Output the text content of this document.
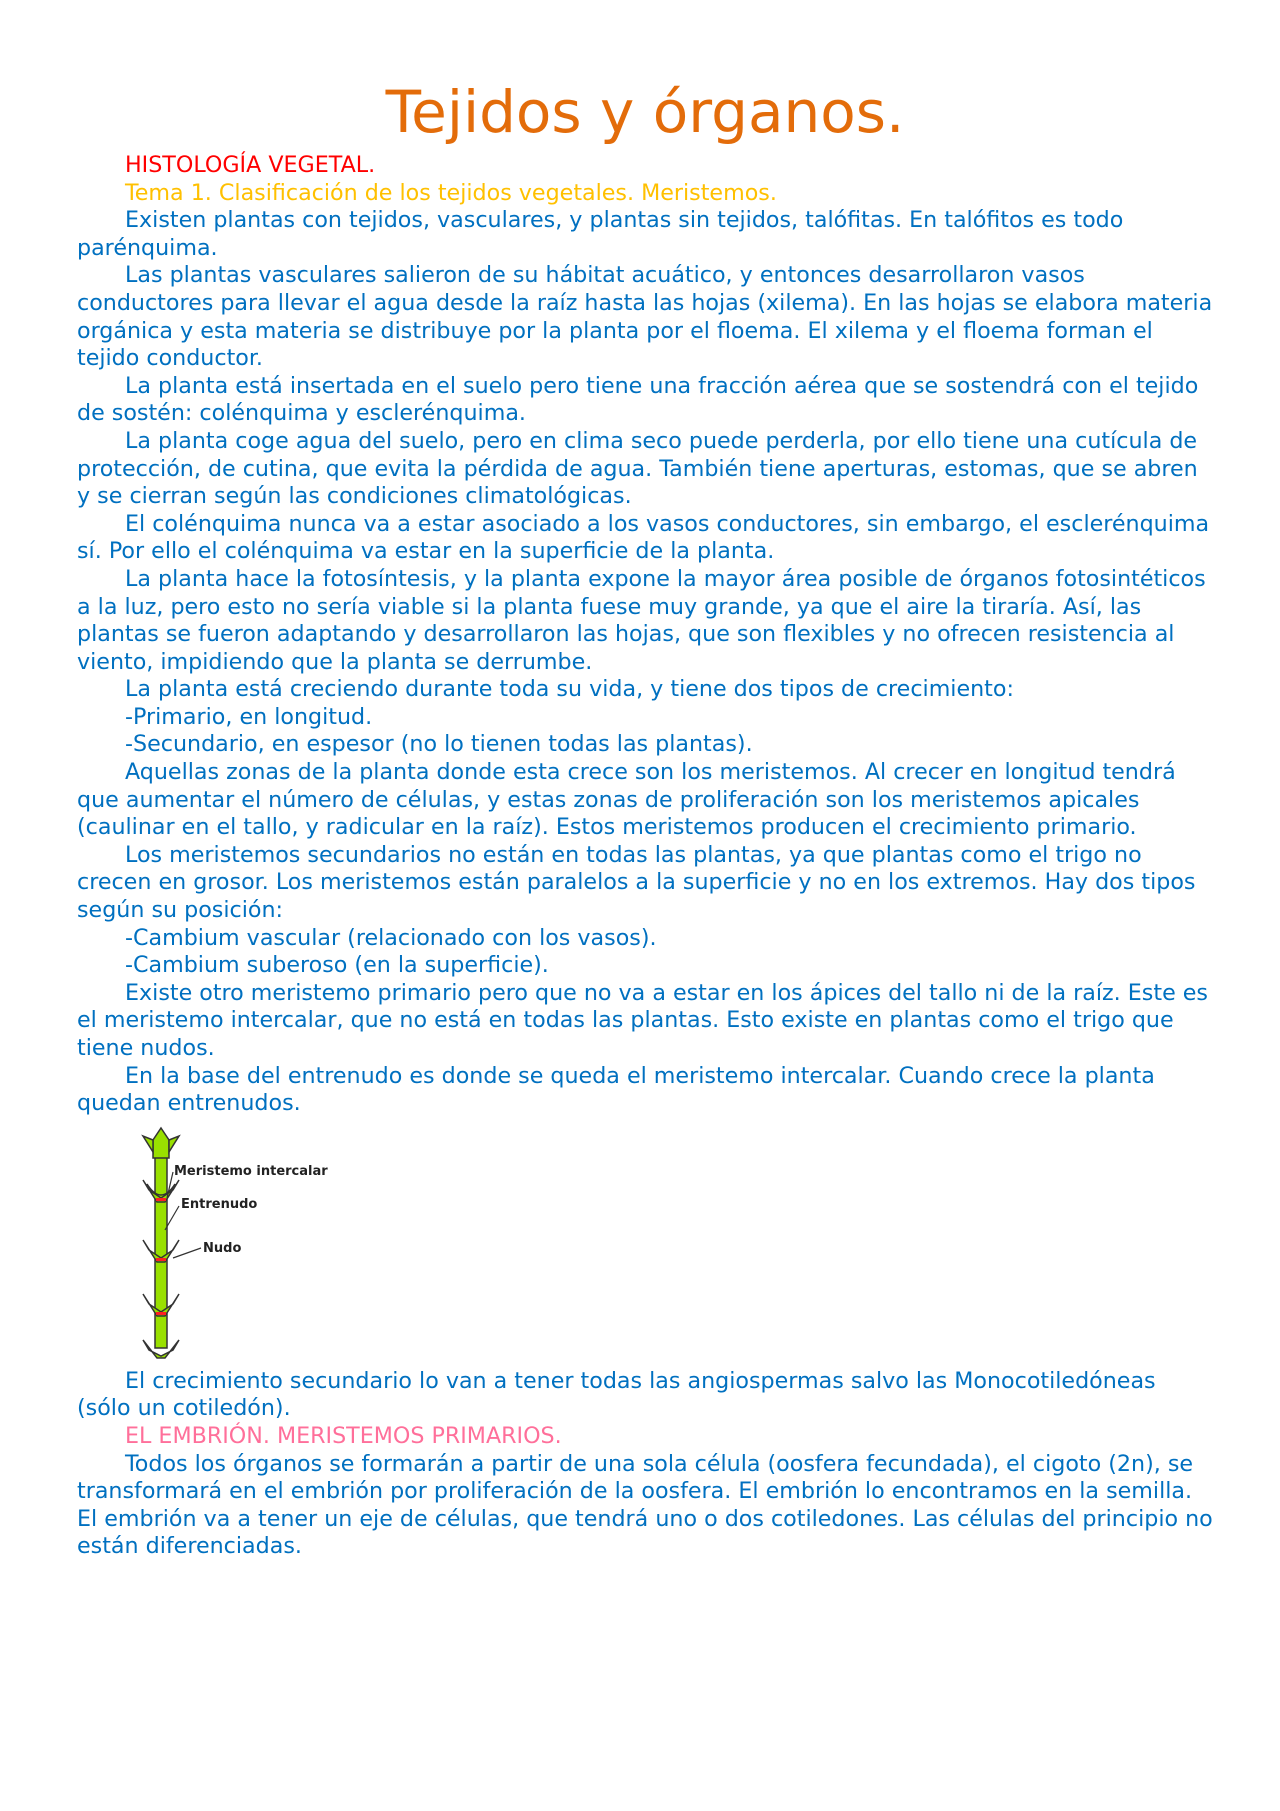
Tejidos y órganos.

HISTOLOGÍA VEGETAL.

Tema 1. Clasificación de los tejidos vegetales. Meristemos.

Existen plantas con tejidos, vasculares, y plantas sin tejidos, talófitas. En talófitos es todo parénquima.

Las plantas vasculares salieron de su hábitat acuático, y entonces desarrollaron vasos conductores para llevar el agua desde la raíz hasta las hojas (xilema). En las hojas se elabora materia orgánica y esta materia se distribuye por la planta por el floema. El xilema y el floema forman el tejido conductor.

La planta está insertada en el suelo pero tiene una fracción aérea que se sostendrá con el tejido de sostén: colénquima y esclerénquima.

La planta coge agua del suelo, pero en clima seco puede perderla, por ello tiene una cutícula de protección, de cutina, que evita la pérdida de agua. También tiene aperturas, estomas, que se abren y se cierran según las condiciones climatológicas.

El colénquima nunca va a estar asociado a los vasos conductores, sin embargo, el esclerénquima sí. Por ello el colénquima va estar en la superficie de la planta.

La planta hace la fotosíntesis, y la planta expone la mayor área posible de órganos fotosintéticos a la luz, pero esto no sería viable si la planta fuese muy grande, ya que el aire la tiraría. Así, las plantas se fueron adaptando y desarrollaron las hojas, que son flexibles y no ofrecen resistencia al viento, impidiendo que la planta se derrumbe.

La planta está creciendo durante toda su vida, y tiene dos tipos de crecimiento:

-Primario, en longitud.

-Secundario, en espesor (no lo tienen todas las plantas).

Aquellas zonas de la planta donde esta crece son los meristemos. Al crecer en longitud tendrá que aumentar el número de células, y estas zonas de proliferación son los meristemos apicales (caulinar en el tallo, y radicular en la raíz). Estos meristemos producen el crecimiento primario.

Los meristemos secundarios no están en todas las plantas, ya que plantas como el trigo no crecen en grosor. Los meristemos están paralelos a la superficie y no en los extremos. Hay dos tipos según su posición:

-Cambium vascular (relacionado con los vasos).

-Cambium suberoso (en la superficie).

Existe otro meristemo primario pero que no va a estar en los ápices del tallo ni de la raíz. Este es el meristemo intercalar, que no está en todas las plantas. Esto existe en plantas como el trigo que tiene nudos.

En la base del entrenudo es donde se queda el meristemo intercalar. Cuando crece la planta quedan entrenudos.

Meristemo intercalar
Entrenudo
Nudo

El crecimiento secundario lo van a tener todas las angiospermas salvo las Monocotiledóneas (sólo un cotiledón).

EL EMBRIÓN. MERISTEMOS PRIMARIOS.

Todos los órganos se formarán a partir de una sola célula (oosfera fecundada), el cigoto (2n), se transformará en el embrión por proliferación de la oosfera. El embrión lo encontramos en la semilla. El embrión va a tener un eje de células, que tendrá uno o dos cotiledones. Las células del principio no están diferenciadas.
